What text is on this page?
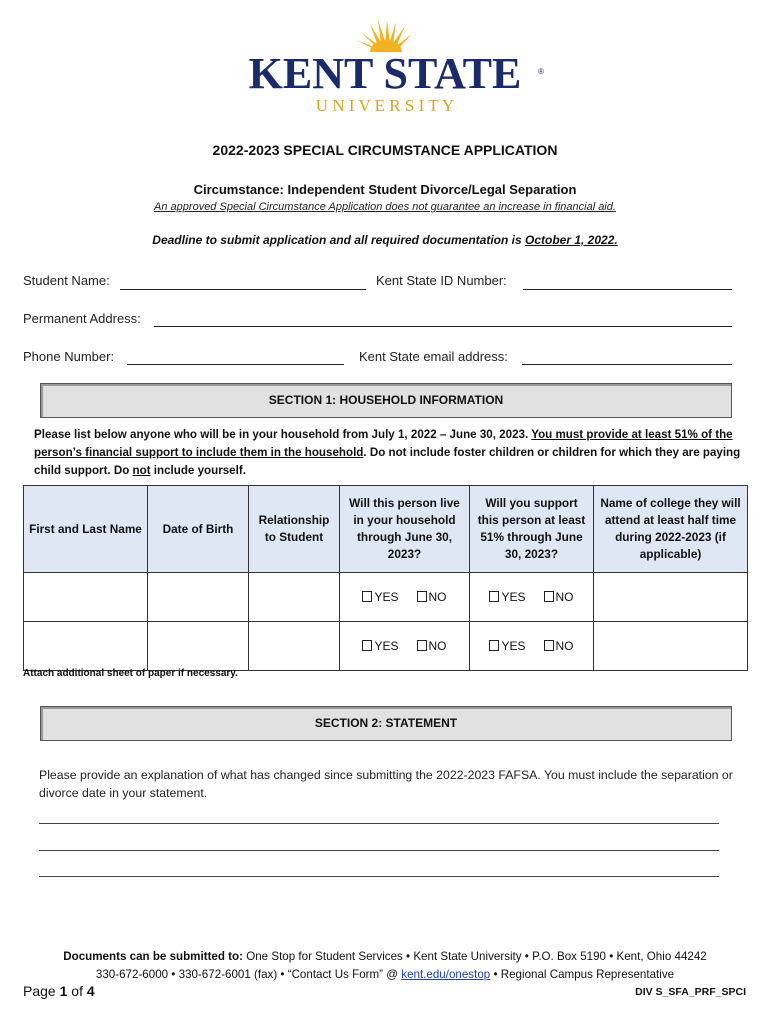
KENT STATE ®
U N I V E R S I T Y
2022-2023 SPECIAL CIRCUMSTANCE APPLICATION
Circumstance: Independent Student Divorce/Legal Separation
An approved Special Circumstance Application does not guarantee an increase in financial aid.
Deadline to submit application and all required documentation is October 1, 2022.
Student Name:	Kent State ID Number:
Permanent Address:
Phone Number:	Kent State email address:
SECTION 1: HOUSEHOLD INFORMATION
Please list below anyone who will be in your household from July 1, 2022 – June 30, 2023. You must provide at least 51% of the person’s financial support to include them in the household. Do not include foster children or children for which they are paying child support. Do not include yourself.
First and Last Name	Date of Birth	Relationship to Student	Will this person live in your household through June 30, 2023?	Will you support this person at least 51% through June 30, 2023?	Name of college they will attend at least half time during 2022-2023 (if applicable)

			YES NO	YES NO	

			YES NO	YES NO	

Attach additional sheet of paper if necessary.
SECTION 2: STATEMENT
Please provide an explanation of what has changed since submitting the 2022-2023 FAFSA. You must include the separation or divorce date in your statement.
Documents can be submitted to: One Stop for Student Services • Kent State University • P.O. Box 5190 • Kent, Ohio 44242
330-672-6000 • 330-672-6001 (fax) • “Contact Us Form” @ kent.edu/onestop • Regional Campus Representative
Page 1 of 4	DIV S_SFA_PRF_SPCI
